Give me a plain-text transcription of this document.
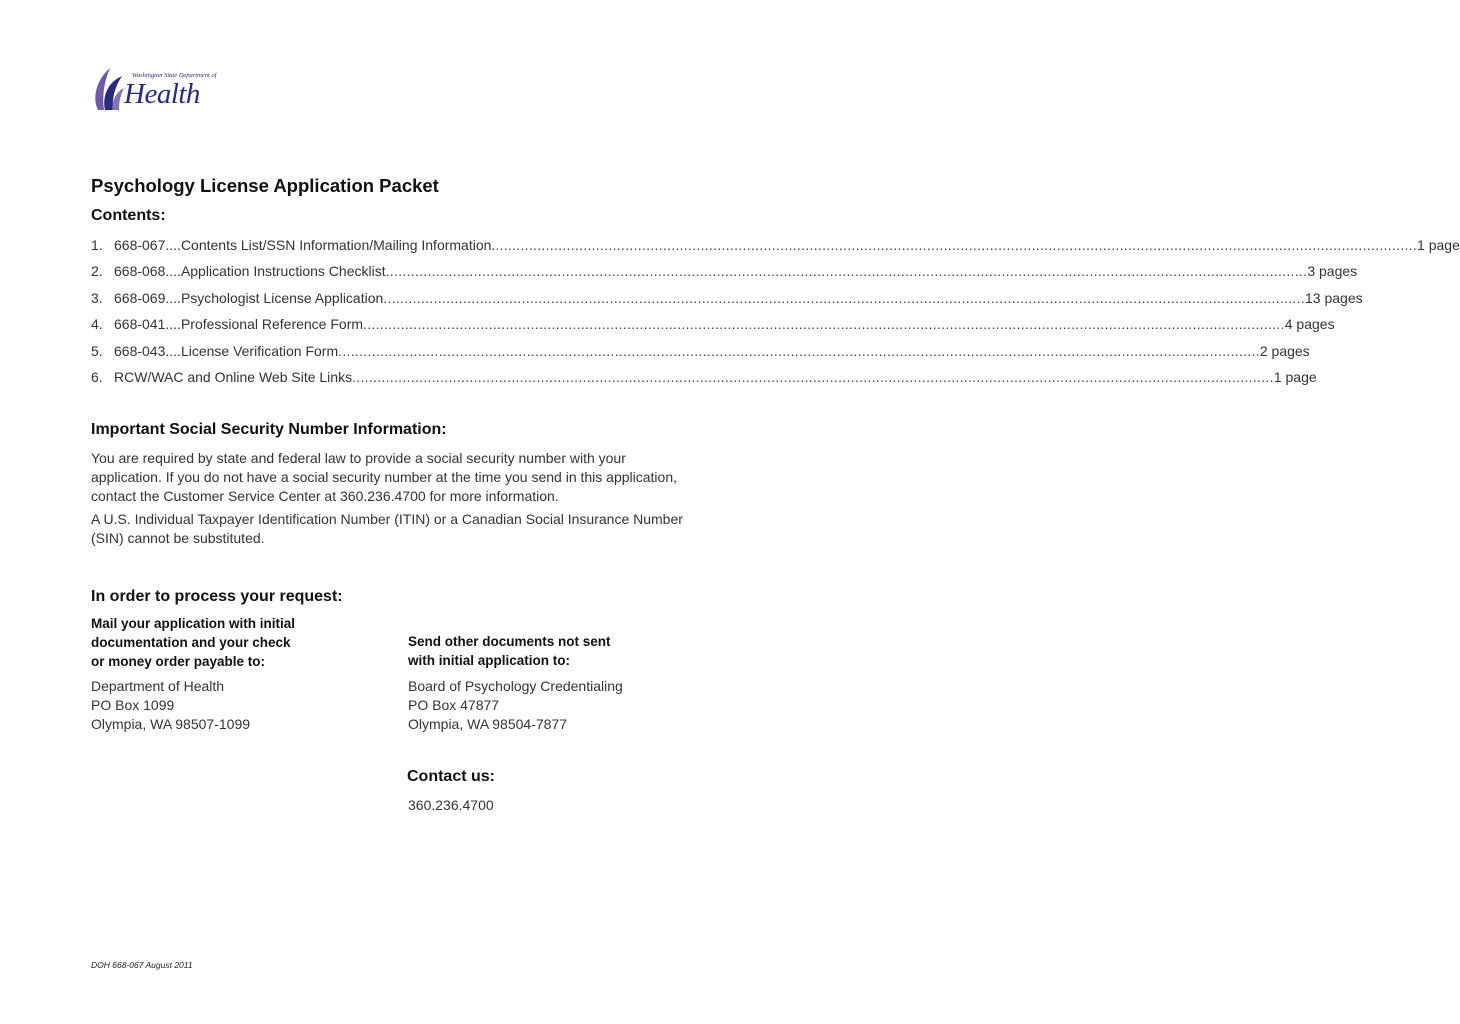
Washington State Department of
Health
Psychology License Application Packet
Contents:
1. 668-067....Contents List/SSN Information/Mailing Information. ............................................................................................................................................................................................................................ 1 page
2. 668-068....Application Instructions Checklist ............................................................................................................................................................................................................................ 3 pages
3. 668-069....Psychologist License Application ............................................................................................................................................................................................................................ 13 pages
4. 668-041....Professional Reference Form ............................................................................................................................................................................................................................ 4 pages
5. 668-043....License Verification Form ............................................................................................................................................................................................................................ 2 pages
6. RCW/WAC and Online Web Site Links ............................................................................................................................................................................................................................ 1 page
Important Social Security Number Information:

You are required by state and federal law to provide a social security number with your application. If you do not have a social security number at the time you send in this application, contact the Customer Service Center at 360.236.4700 for more information.

A U.S. Individual Taxpayer Identification Number (ITIN) or a Canadian Social Insurance Number (SIN) cannot be substituted.

In order to process your request:
Mail your application with initial
documentation and your check
or money order payable to:
Department of Health
PO Box 1099
Olympia, WA 98507-1099
Send other documents not sent
with initial application to:
Board of Psychology Credentialing
PO Box 47877
Olympia, WA 98504-7877
Contact us:
360.236.4700
DOH 668-067 August 2011
